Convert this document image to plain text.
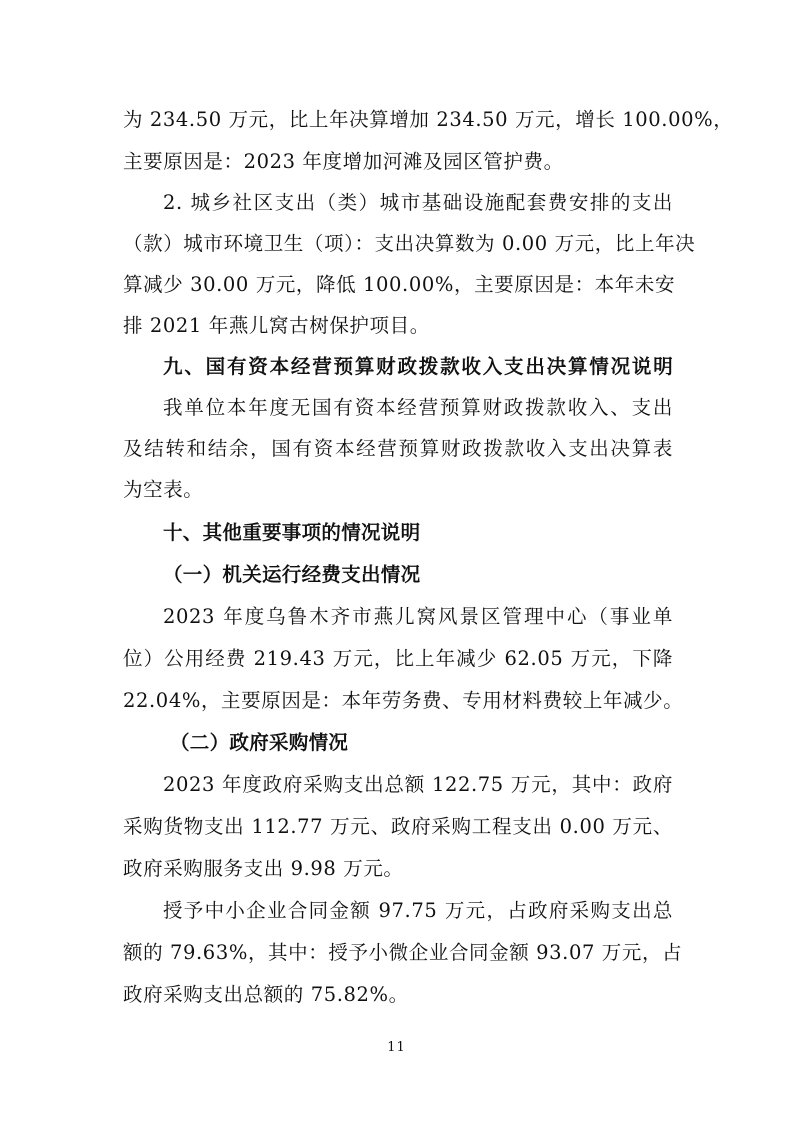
为 234.50 万元，比上年决算增加 234.50 万元，增长 100.00%，
主要原因是：2023 年度增加河滩及园区管护费。
2. 城乡社区支出（类）城市基础设施配套费安排的支出
（款）城市环境卫生（项）：支出决算数为 0.00 万元，比上年决
算减少 30.00 万元，降低 100.00%，主要原因是：本年未安
排 2021 年燕儿窝古树保护项目。
九、国有资本经营预算财政拨款收入支出决算情况说明
我单位本年度无国有资本经营预算财政拨款收入、支出
及结转和结余，国有资本经营预算财政拨款收入支出决算表
为空表。
十、其他重要事项的情况说明
（一）机关运行经费支出情况
2023 年度乌鲁木齐市燕儿窝风景区管理中心（事业单
位）公用经费 219.43 万元，比上年减少 62.05 万元，下降
22.04%，主要原因是：本年劳务费、专用材料费较上年减少。
（二）政府采购情况
2023 年度政府采购支出总额 122.75 万元，其中：政府
采购货物支出 112.77 万元、政府采购工程支出 0.00 万元、
政府采购服务支出 9.98 万元。
授予中小企业合同金额 97.75 万元，占政府采购支出总
额的 79.63%，其中：授予小微企业合同金额 93.07 万元，占
政府采购支出总额的 75.82%。
11
